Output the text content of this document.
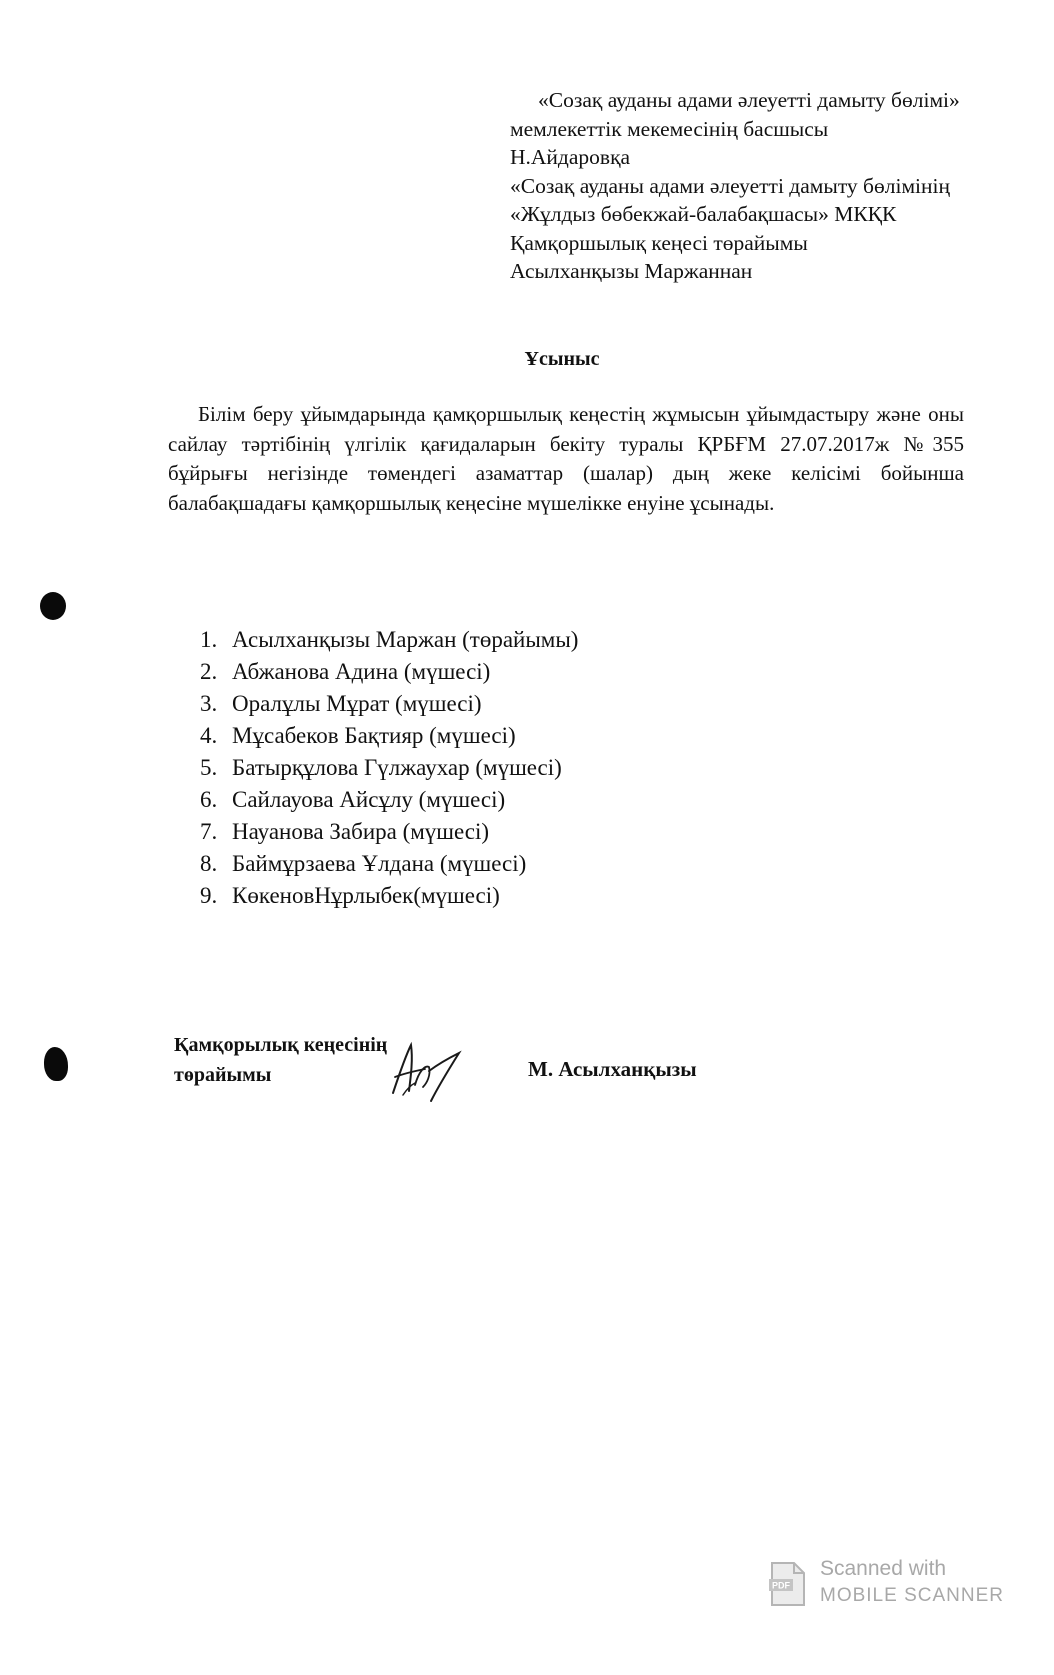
«Созақ ауданы адами әлеуетті дамыту бөлімі»
мемлекеттік мекемесінің басшысы
Н.Айдаровқа
«Созақ ауданы адами әлеуетті дамыту бөлімінің
«Жұлдыз бөбекжай-балабақшасы» МКҚК
Қамқоршылық кеңесі төрайымы
Асылханқызы Маржаннан
Ұсыныс

Білім беру ұйымдарында қамқоршылық кеңестің жұмысын ұйымдастыру және оны сайлау тәртібінің үлгілік қағидаларын бекіту туралы ҚРБҒМ 27.07.2017ж №355 бұйрығы негізінде төмендегі азаматтар (шалар) дың жеке келісімі бойынша балабақшадағы қамқоршылық кеңесіне мүшелікке енуіне ұсынады.

1. Асылханқызы Маржан (төрайымы)
2. Абжанова Адина (мүшесі)
3. Оралұлы Мұрат (мүшесі)
4. Мұсабеков Бақтияр (мүшесі)
5. Батырқұлова Гүлжаухар (мүшесі)
6. Сайлауова Айсұлу (мүшесі)
7. Науанова Забира (мүшесі)
8. Баймұрзаева Ұлдана (мүшесі)
9. КөкеновНұрлыбек(мүшесі)
Қамқорылық кеңесінің
төрайымы	М. Асылханқызы
PDF
Scanned with
MOBILE SCANNER
